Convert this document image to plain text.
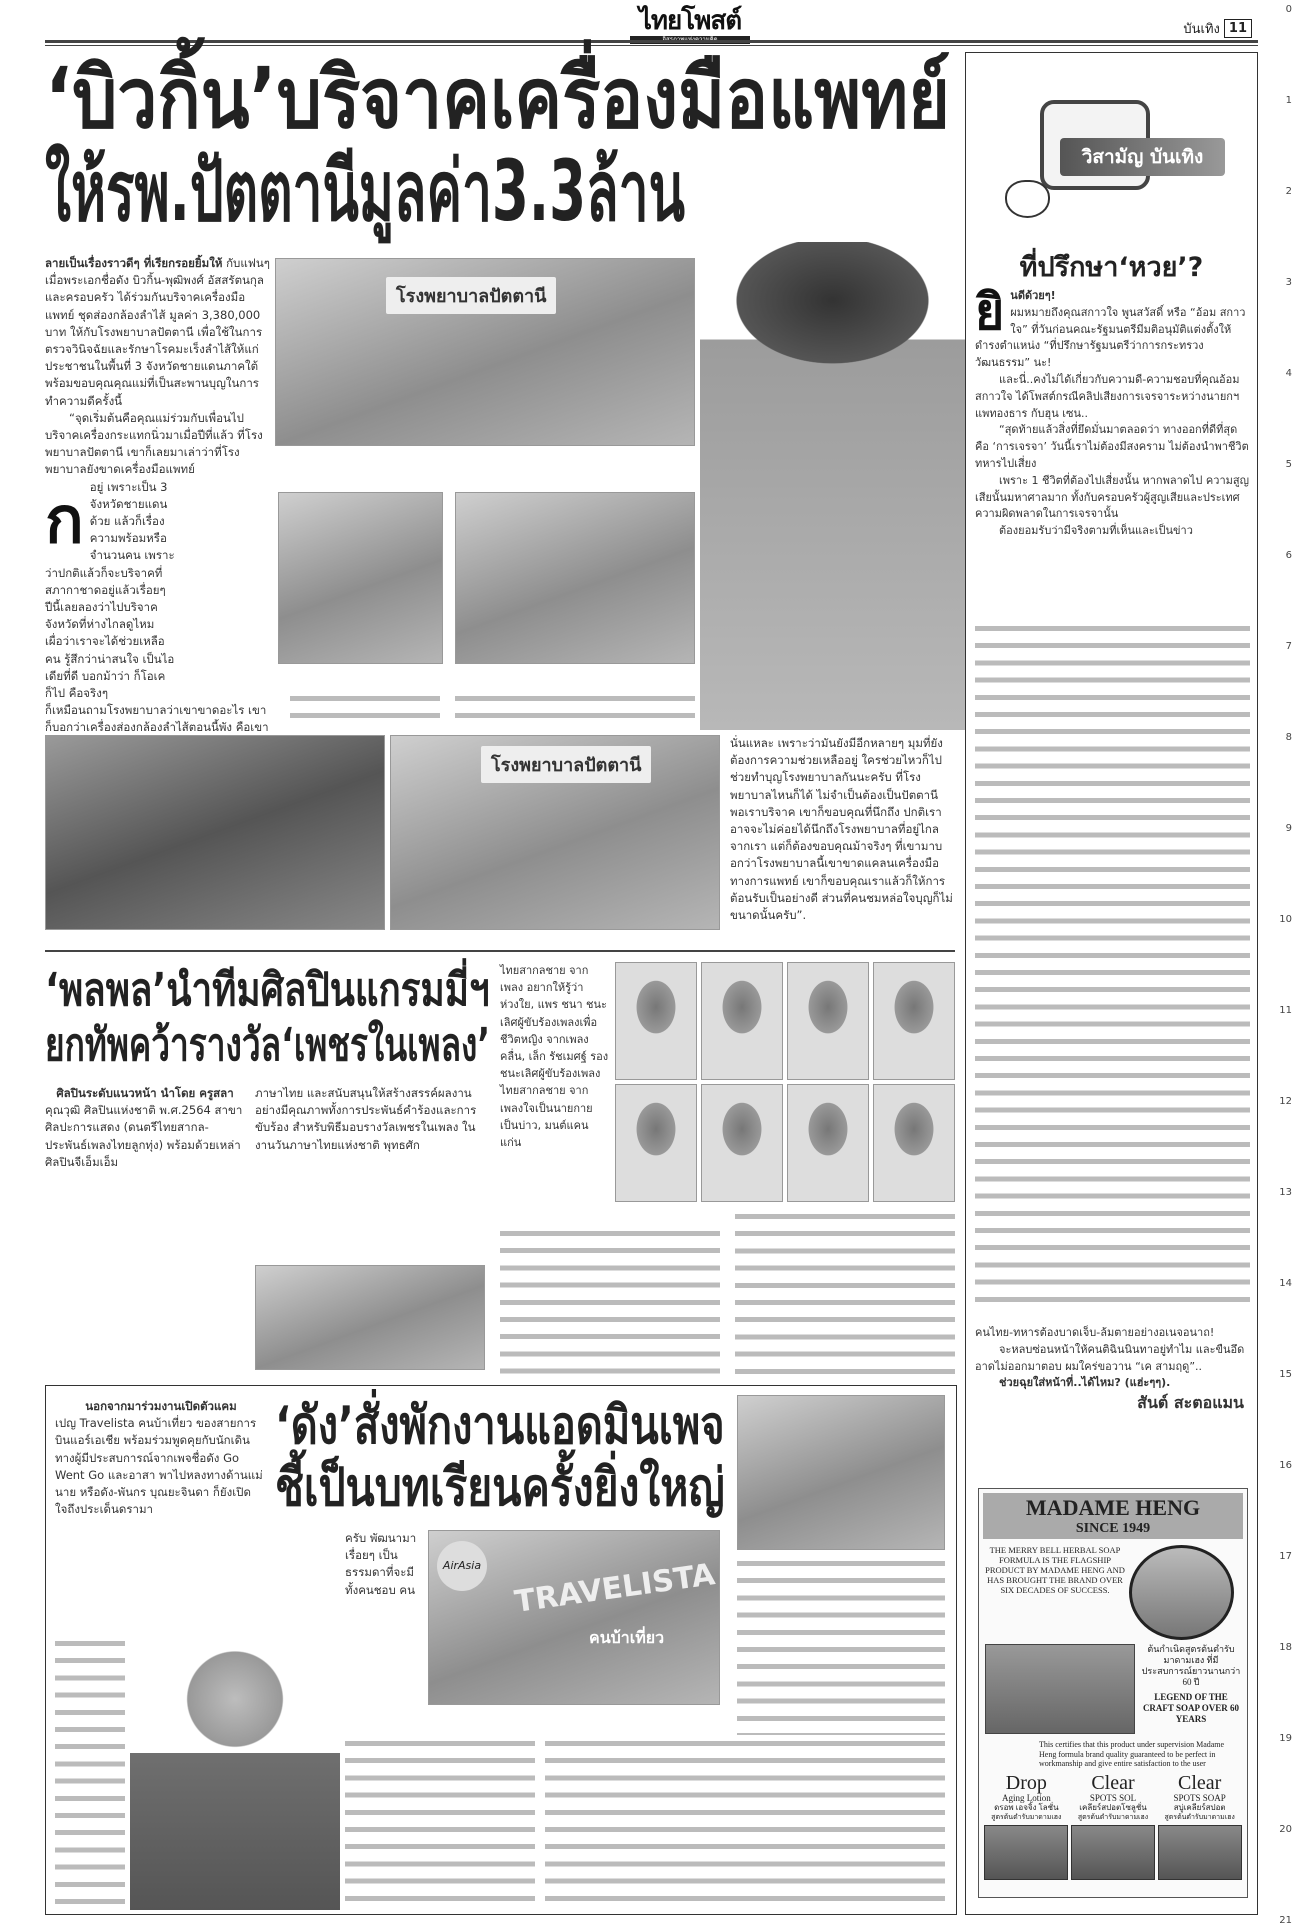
ไทยโพสต์	บันเทิง 11
0
1
2
3
4
5
6
7
8
9
10
11
12
13
14
15
16
17
18
19
20
21
‘บิวกิ้น’บริจาคเครื่องมือแพทย์
ให้รพ.ปัตตานีมูลค่า3.3ล้าน
ก

ลายเป็นเรื่องราวดีๆ ที่เรียกรอยยิ้มให้ กับแฟนๆ เมื่อพระเอกชื่อดัง บิวกิ้น-พุฒิพงศ์ อัสสรัตนกุล และครอบครัว ได้ร่วมกันบริจาคเครื่องมือแพทย์ ชุดส่องกล้องลำไส้ มูลค่า 3,380,000 บาท ให้กับโรงพยาบาลปัตตานี เพื่อใช้ในการตรวจวินิจฉัยและรักษาโรคมะเร็งลำไส้ให้แก่ประชาชนในพื้นที่ 3 จังหวัดชายแดนภาคใต้ พร้อมขอบคุณคุณแม่ที่เป็นสะพานบุญในการทำความดีครั้งนี้

“จุดเริ่มต้นคือคุณแม่ร่วมกับเพื่อนไปบริจาคเครื่องกระแทกนิ่วมาเมื่อปีที่แล้ว ที่โรงพยาบาลปัตตานี เขาก็เลยมาเล่าว่าที่โรงพยาบาลยังขาดเครื่องมือแพทย์

อยู่ เพราะเป็น 3 จังหวัดชายแดนด้วย แล้วก็เรื่องความพร้อมหรือจำนวนคน เพราะว่าปกติแล้วก็จะบริจาคที่สภากาชาดอยู่แล้วเรื่อยๆ ปีนี้เลยลองว่าไปบริจาคจังหวัดที่ห่างไกลดูไหม เผื่อว่าเราจะได้ช่วยเหลือคน รู้สึกว่าน่าสนใจ เป็นไอเดียที่ดี บอกม้าว่า ก็โอเค ก็ไป คือจริงๆ

ก็เหมือนถามโรงพยาบาลว่าเขาขาดอะไร เขาก็บอกว่าเครื่องส่องกล้องลำไส้ตอนนี้พัง คือเขา

โรงพยาบาลปัตตานี
โรงพยาบาลปัตตานี

นั่นแหละ เพราะว่ามันยังมีอีกหลายๆ มุมที่ยังต้องการความช่วยเหลืออยู่ ใครช่วยไหวก็ไปช่วยทำบุญโรงพยาบาลกันนะครับ ที่โรงพยาบาลไหนก็ได้ ไม่จำเป็นต้องเป็นปัตตานี พอเราบริจาค เขาก็ขอบคุณที่นึกถึง ปกติเราอาจจะไม่ค่อยได้นึกถึงโรงพยาบาลที่อยู่ไกลจากเรา แต่ก็ต้องขอบคุณม้าจริงๆ ที่เขามาบอกว่าโรงพยาบาลนี้เขาขาดแคลนเครื่องมือทางการแพทย์ เขาก็ขอบคุณเราแล้วก็ให้การต้อนรับเป็นอย่างดี ส่วนที่คนชมหล่อใจบุญก็ไม่ขนาดนั้นครับ”.

‘พลพล’นำทีมศิลปินแกรมมี่ฯ
ยกทัพคว้ารางวัล‘เพชรในเพลง’

ศิลปินระดับแนวหน้า นำโดย ครูสลา

คุณวุฒิ ศิลปินแห่งชาติ พ.ศ.2564 สาขาศิลปะการแสดง (ดนตรีไทยสากล-ประพันธ์เพลงไทยลูกทุ่ง) พร้อมด้วยเหล่าศิลปินจีเอ็มเอ็ม

ภาษาไทย และสนับสนุนให้สร้างสรรค์ผลงานอย่างมีคุณภาพทั้งการประพันธ์คำร้องและการขับร้อง สำหรับพิธีมอบรางวัลเพชรในเพลง ใน

งานวันภาษาไทยแห่งชาติ พุทธศัก

ไทยสากลชาย จากเพลง อยากให้รู้ว่าห่วงใย, แพร ชนา ชนะเลิศผู้ขับร้องเพลงเพื่อชีวิตหญิง จากเพลง คลื่น, เล็ก รัชเมศฐ์ รองชนะเลิศผู้ขับร้องเพลงไทยสากลชาย จากเพลงใจเป็นนายกายเป็นบ่าว, มนต์แคน แก่น

นอกจากมาร่วมงานเปิดตัวแคม

เปญ Travelista คนบ้าเที่ยว ของสายการบินแอร์เอเชีย พร้อมร่วมพูดคุยกับนักเดินทางผู้มีประสบการณ์จากเพจชื่อดัง Go Went Go และอาสา พาไปหลงทางด้านแม่นาย หรือดัง-พันกร บุณยะจินดา ก็ยังเปิดใจถึงประเด็นดรามา

‘ดัง’สั่งพักงานแอดมินเพจ
ชี้เป็นบทเรียนครั้งยิ่งใหญ่

ครับ พัฒนามาเรื่อยๆ เป็นธรรมดาที่จะมีทั้งคนชอบ คน

AirAsia TRAVELISTA
คนบ้าเที่ยว
วิสามัญ บันเทิง
ที่ปรึกษา‘หวย’?
ยิ นดีด้วยๆ!
ผมหมายถึงคุณสกาวใจ พูนสวัสดิ์ หรือ “อ้อม สกาวใจ” ที่วันก่อนคณะรัฐมนตรีมีมติอนุมัติแต่งตั้งให้ดำรงตำแหน่ง “ที่ปรึกษารัฐมนตรีว่าการกระทรวงวัฒนธรรม” นะ!

และนี่..คงไม่ได้เกี่ยวกับความดี-ความชอบที่คุณอ้อม สกาวใจ ได้โพสต์กรณีคลิปเสียงการเจรจาระหว่างนายกฯ แพทองธาร กับฮุน เซน..

“สุดท้ายแล้วสิ่งที่ยึดมั่นมาตลอดว่า ทางออกที่ดีที่สุดคือ ‘การเจรจา’ วันนี้เราไม่ต้องมีสงคราม ไม่ต้องนำพาชีวิตทหารไปเสี่ยง

เพราะ 1 ชีวิตที่ต้องไปเสี่ยงนั้น หากพลาดไป ความสูญเสียนั้นมหาศาลมาก ทั้งกับครอบครัวผู้สูญเสียและประเทศ ความผิดพลาดในการเจรจานั้น

ต้องยอมรับว่ามีจริงตามที่เห็นและเป็นข่าว

คนไทย-ทหารต้องบาดเจ็บ-ล้มตายอย่างอเนจอนาถ!

จะหลบซ่อนหน้าให้คนติฉินนินทาอยู่ทำไม และขืนอึดอาดไม่ออกมาตอบ ผมใคร่ขอวาน “เค สามฤดู”..

ช่วยฉุยใส่หน้าที่..ได้ไหม? (แฮ่ะๆๆ).

สันต์ สะตอแมน
MADAME HENG
SINCE 1949
THE MERRY BELL HERBAL SOAP FORMULA IS THE FLAGSHIP PRODUCT BY MADAME HENG AND HAS BROUGHT THE BRAND OVER SIX DECADES OF SUCCESS.
ต้นกำเนิดสูตรต้นตำรับ มาดามเฮง ที่มีประสบการณ์ยาวนานกว่า 60 ปี
LEGEND OF THE CRAFT SOAP OVER 60 YEARS
This certifies that this product under supervision Madame Heng formula brand quality guaranteed to be perfect in workmanship and give entire satisfaction to the user
Drop
Aging Lotion
ดรอพ เอจจิ้ง โลชั่น
สูตรต้นตำรับมาดามเฮง
Clear
SPOTS SOL
เคลียร์สปอตโซลูชั่น
สูตรต้นตำรับมาดามเฮง
Clear
SPOTS SOAP
สบู่เคลียร์สปอต
สูตรต้นตำรับมาดามเฮง
